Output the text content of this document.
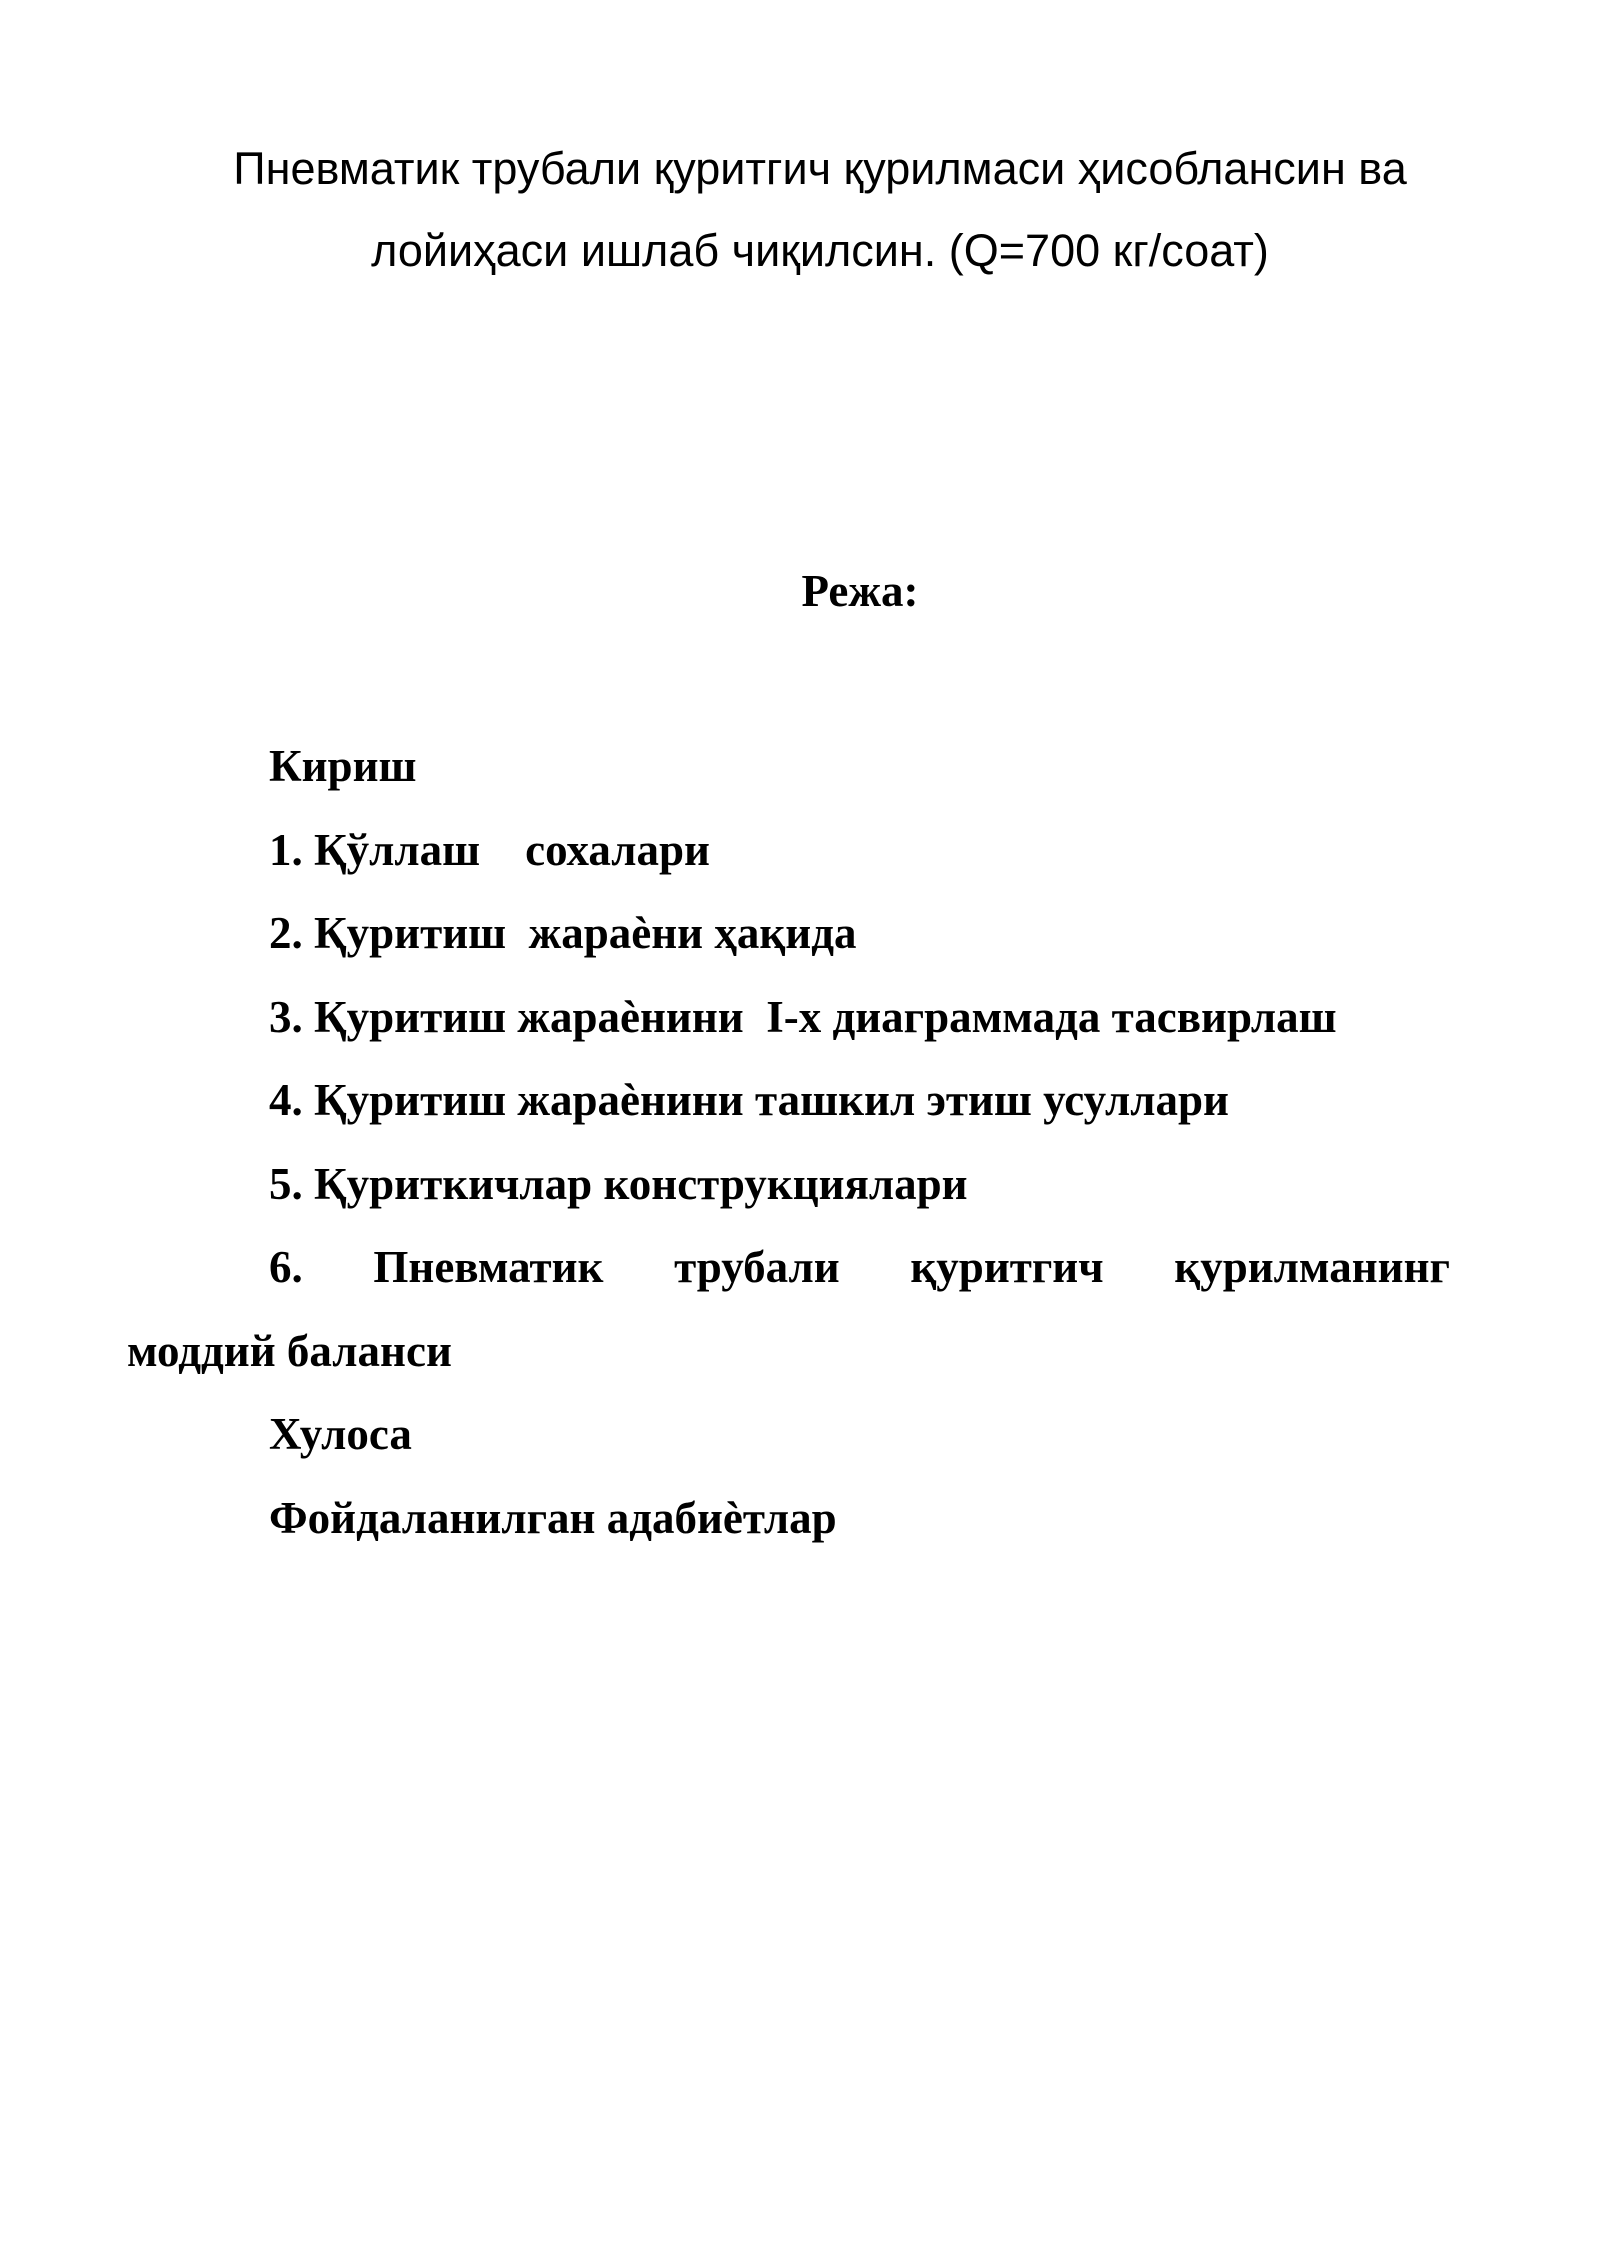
Пневматик трубали қуритгич қурилмаси ҳисоблансин ва

лойиҳаси ишлаб чиқилсин. (Q=700 кг/соат)

Режа:

Кириш
1. Қўллаш    сохалари
2. Қуритиш  жараѐни ҳақида
3. Қуритиш жараѐнини  I-x диаграммада тасвирлаш
4. Қуритиш жараѐнини ташкил этиш усуллари
5. Қуриткичлар конструкциялари
6. Пневматик трубали қуритгич қурилманинг
моддий баланси
Хулоса
Фойдаланилган адабиѐтлар
